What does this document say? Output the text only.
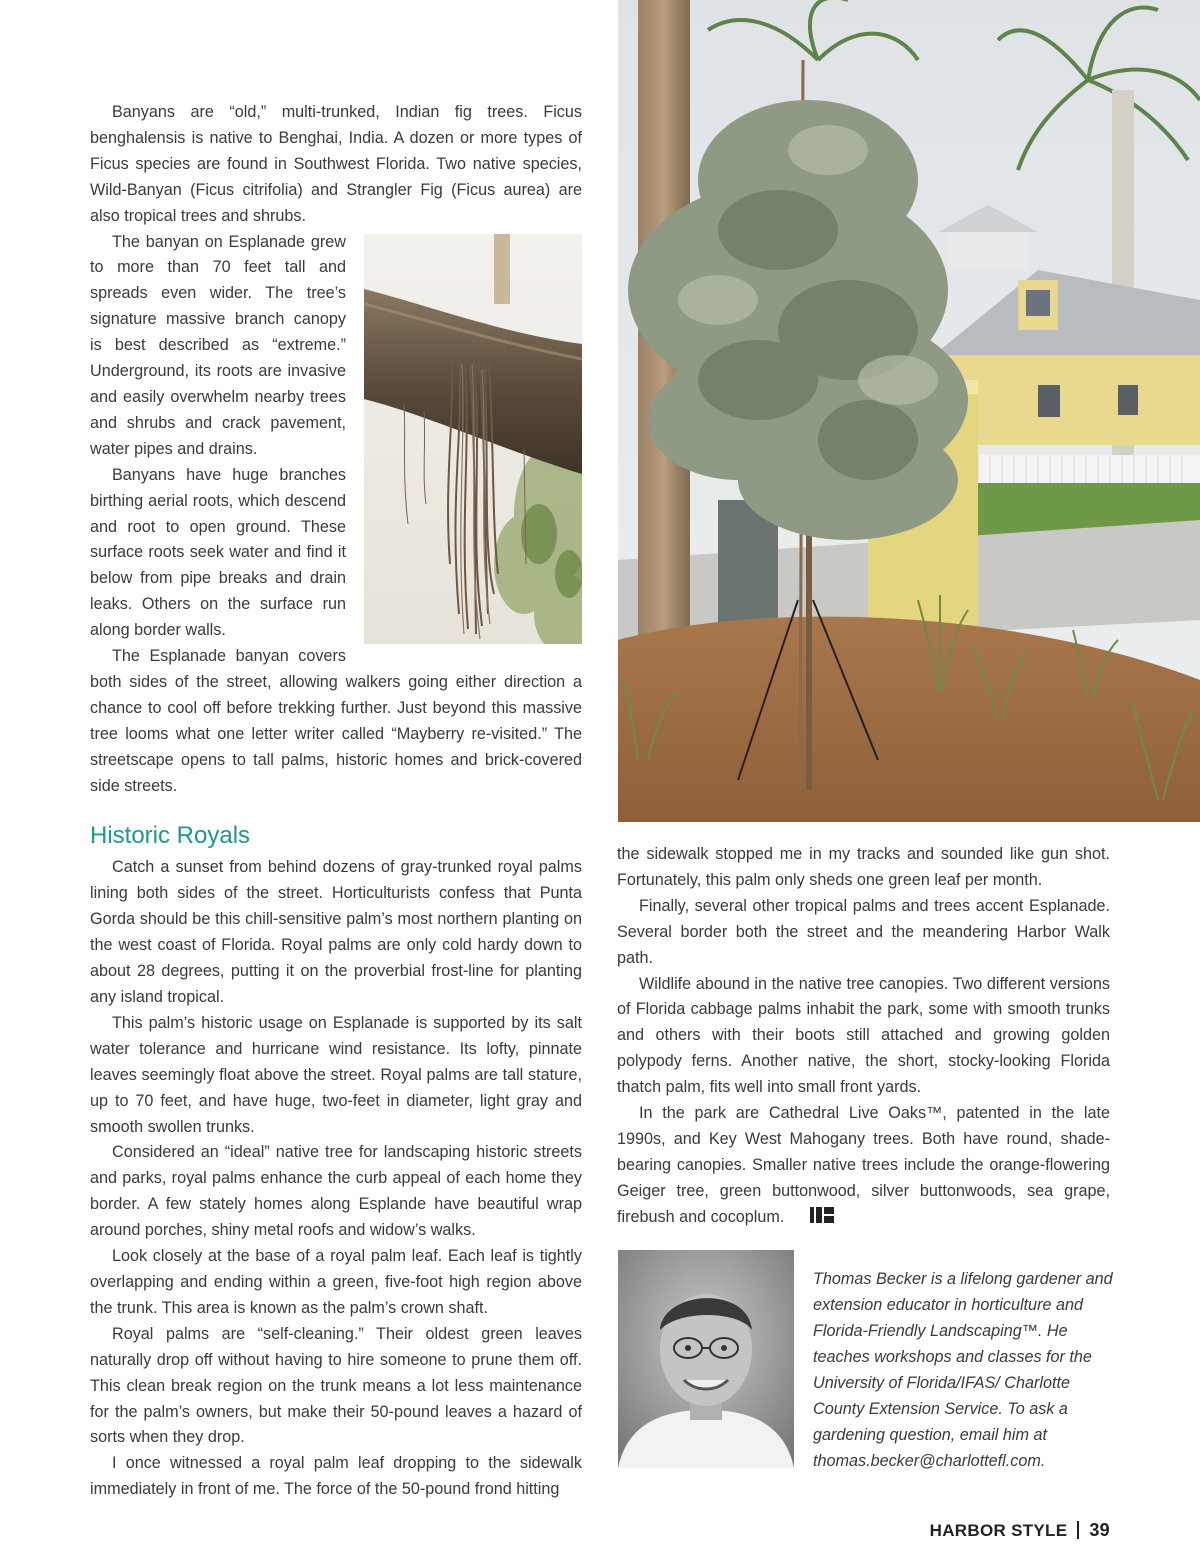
Banyans are “old,” multi-trunked, Indian fig trees. Ficus benghalensis is native to Benghai, India. A dozen or more types of Ficus species are found in Southwest Florida. Two native species, Wild-Banyan (Ficus citrifolia) and Strangler Fig (Ficus aurea) are also tropical trees and shrubs.

The banyan on Esplanade grew to more than 70 feet tall and spreads even wider. The tree’s signature massive branch canopy is best described as “extreme.” Underground, its roots are invasive and easily overwhelm nearby trees and shrubs and crack pavement, water pipes and drains.

Banyans have huge branches birthing aerial roots, which descend and root to open ground. These surface roots seek water and find it below from pipe breaks and drain leaks. Others on the surface run along border walls.

The Esplanade banyan covers both sides of the street, allowing walkers going either direction a chance to cool off before trekking further. Just beyond this massive tree looms what one letter writer called “Mayberry re-visited.” The streetscape opens to tall palms, historic homes and brick-covered side streets.

Historic Royals

Catch a sunset from behind dozens of gray-trunked royal palms lining both sides of the street. Horticulturists confess that Punta Gorda should be this chill-sensitive palm’s most northern planting on the west coast of Florida. Royal palms are only cold hardy down to about 28 degrees, putting it on the proverbial frost-line for planting any island tropical.

This palm’s historic usage on Esplanade is supported by its salt water tolerance and hurricane wind resistance. Its lofty, pinnate leaves seemingly float above the street. Royal palms are tall stature, up to 70 feet, and have huge, two-feet in diameter, light gray and smooth swollen trunks.

Considered an “ideal” native tree for landscaping historic streets and parks, royal palms enhance the curb appeal of each home they border. A few stately homes along Esplande have beautiful wrap around porches, shiny metal roofs and widow’s walks.

Look closely at the base of a royal palm leaf. Each leaf is tightly overlapping and ending within a green, five-foot high region above the trunk. This area is known as the palm’s crown shaft.

Royal palms are “self-cleaning.” Their oldest green leaves naturally drop off without having to hire someone to prune them off. This clean break region on the trunk means a lot less maintenance for the palm’s owners, but make their 50-pound leaves a hazard of sorts when they drop.

I once witnessed a royal palm leaf dropping to the sidewalk immediately in front of me. The force of the 50-pound frond hitting

the sidewalk stopped me in my tracks and sounded like gun shot. Fortunately, this palm only sheds one green leaf per month.

Finally, several other tropical palms and trees accent Esplanade. Several border both the street and the meandering Harbor Walk path.

Wildlife abound in the native tree canopies. Two different versions of Florida cabbage palms inhabit the park, some with smooth trunks and others with their boots still attached and growing golden polypody ferns. Another native, the short, stocky-looking Florida thatch palm, fits well into small front yards.

In the park are Cathedral Live Oaks™, patented in the late 1990s, and Key West Mahogany trees. Both have round, shade-bearing canopies. Smaller native trees include the orange-flowering Geiger tree, green buttonwood, silver buttonwoods, sea grape, firebush and cocoplum.

Thomas Becker is a lifelong gardener and extension educator in horticulture and Florida-Friendly Landscaping™. He teaches workshops and classes for the University of Florida/IFAS/ Charlotte County Extension Service. To ask a gardening question, email him at thomas.becker@charlottefl.com.
HARBOR STYLE 39
